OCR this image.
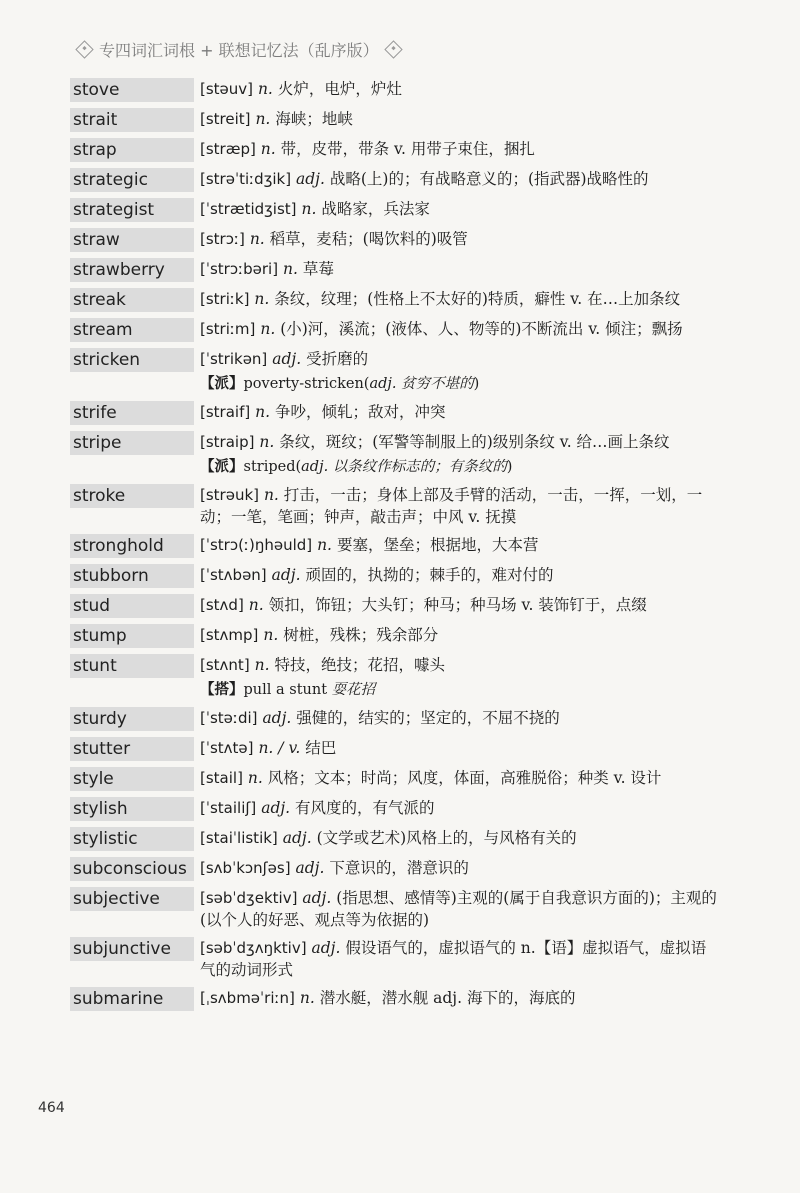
专四词汇词根 + 联想记忆法（乱序版）
stove	[stəuv] n. 火炉，电炉，炉灶
strait	[streit] n. 海峡；地峡
strap	[stræp] n. 带，皮带，带条 v. 用带子束住，捆扎
strategic	[strəˈtiːdʒik] adj. 战略(上)的；有战略意义的；(指武器)战略性的
strategist	[ˈstrætidʒist] n. 战略家，兵法家
straw	[strɔː] n. 稻草，麦秸；(喝饮料的)吸管
strawberry	[ˈstrɔːbəri] n. 草莓
streak	[striːk] n. 条纹，纹理；(性格上不太好的)特质，癖性 v. 在…上加条纹
stream	[striːm] n. (小)河，溪流；(液体、人、物等的)不断流出 v. 倾注；飘扬
stricken	[ˈstrikən] adj. 受折磨的
【派】poverty-stricken(adj. 贫穷不堪的)
strife	[straif] n. 争吵，倾轧；敌对，冲突
stripe	[straip] n. 条纹，斑纹；(军警等制服上的)级别条纹 v. 给…画上条纹
【派】striped(adj. 以条纹作标志的；有条纹的)
stroke	[strəuk] n. 打击，一击；身体上部及手臂的活动，一击，一挥，一划，一动；一笔，笔画；钟声，敲击声；中风 v. 抚摸
stronghold	[ˈstrɔ(ː)ŋhəuld] n. 要塞，堡垒；根据地，大本营
stubborn	[ˈstʌbən] adj. 顽固的，执拗的；棘手的，难对付的
stud	[stʌd] n. 领扣，饰钮；大头钉；种马；种马场 v. 装饰钉于，点缀
stump	[stʌmp] n. 树桩，残株；残余部分
stunt	[stʌnt] n. 特技，绝技；花招，噱头
【搭】pull a stunt 耍花招
sturdy	[ˈstəːdi] adj. 强健的，结实的；坚定的，不屈不挠的
stutter	[ˈstʌtə] n. / v. 结巴
style	[stail] n. 风格；文本；时尚；风度，体面，高雅脱俗；种类 v. 设计
stylish	[ˈstailiʃ] adj. 有风度的，有气派的
stylistic	[staiˈlistik] adj. (文学或艺术)风格上的，与风格有关的
subconscious [sʌbˈkɔnʃəs] adj. 下意识的，潜意识的
subjective	[səbˈdʒektiv] adj. (指思想、感情等)主观的(属于自我意识方面的)；主观的(以个人的好恶、观点等为依据的)
subjunctive	[səbˈdʒʌŋktiv] adj. 假设语气的，虚拟语气的 n.【语】虚拟语气，虚拟语气的动词形式
submarine	[ˌsʌbməˈriːn] n. 潜水艇，潜水舰 adj. 海下的，海底的
464
